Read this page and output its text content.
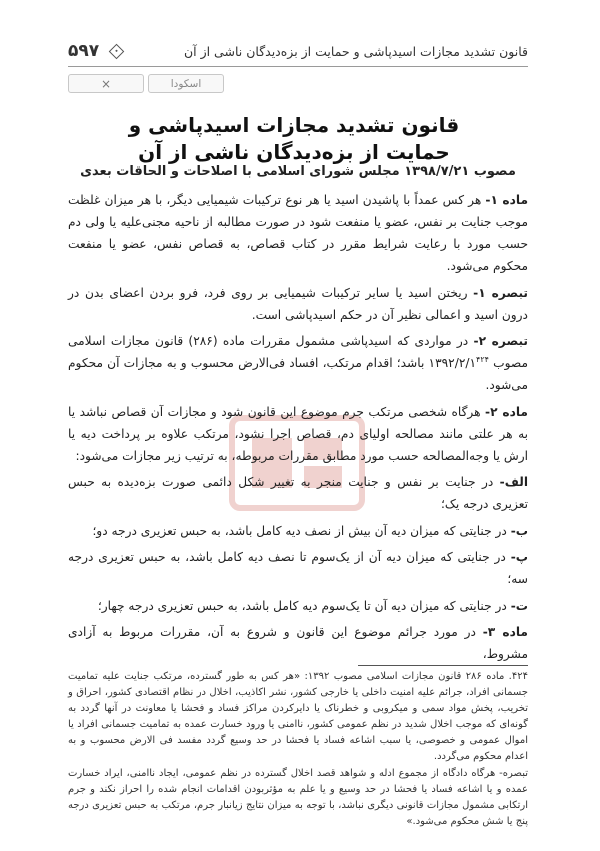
۵۹۷	قانون تشدید مجازات اسیدپاشی و حمایت از بزه‌دیدگان ناشی از آن
×	اسکودا
قانون تشدید مجازات اسیدپاشی و
حمایت از بزه‌دیدگان ناشی از آن
مصوب ۱۳۹۸/۷/۲۱ مجلس شورای اسلامی با اصلاحات و الحاقات بعدی

ماده ۱- هر کس عمداً با پاشیدن اسید یا هر نوع ترکیبات شیمیایی دیگر، با هر میزان غلظت موجب جنایت بر نفس، عضو یا منفعت شود در صورت مطالبه از ناحیه مجنی‌علیه یا ولی دم حسب مورد با رعایت شرایط مقرر در کتاب قصاص، به قصاص نفس، عضو یا منفعت محکوم می‌شود.

تبصره ۱- ریختن اسید یا سایر ترکیبات شیمیایی بر روی فرد، فرو بردن اعضای بدن در درون اسید و اعمالی نظیر آن در حکم اسیدپاشی است.

تبصره ۲- در مواردی که اسیدپاشی مشمول مقررات ماده (۲۸۶) قانون مجازات اسلامی مصوب $۱۳۹۲/۲/۱^{۴۲۴}$ باشد؛ اقدام مرتکب، افساد فی‌الارض محسوب و به مجازات آن محکوم می‌شود.

ماده ۲- هرگاه شخصی مرتکب جرم موضوع این قانون شود و مجازات آن قصاص نباشد یا به هر علتی مانند مصالحه اولیای دم، قصاص اجرا نشود، مرتکب علاوه بر پرداخت دیه یا ارش یا وجه‌المصالحه حسب مورد مطابق مقررات مربوطه، به ترتیب زیر مجازات می‌شود:

الف- در جنایت بر نفس و جنایت منجر به تغییر شکل دائمی صورت بزه‌دیده به حبس تعزیری درجه یک؛

ب- در جنایتی که میزان دیه آن بیش از نصف دیه کامل باشد، به حبس تعزیری درجه دو؛

پ- در جنایتی که میزان دیه آن از یک‌سوم تا نصف دیه کامل باشد، به حبس تعزیری درجه سه؛

ت- در جنایتی که میزان دیه آن تا یک‌سوم دیه کامل باشد، به حبس تعزیری درجه چهار؛

ماده ۳- در مورد جرائم موضوع این قانون و شروع به آن، مقررات مربوط به آزادی مشروط،

۴۲۴. ماده ۲۸۶ قانون مجازات اسلامی مصوب ۱۳۹۲: «هر کس به طور گسترده، مرتکب جنایت علیه تمامیت جسمانی افراد، جرائم علیه امنیت داخلی یا خارجی کشور، نشر اکاذیب، اخلال در نظام اقتصادی کشور، احراق و تخریب، پخش مواد سمی و میکروبی و خطرناک یا دایرکردن مراکز فساد و فحشا یا معاونت در آنها گردد به گونه‌ای که موجب اخلال شدید در نظم عمومی کشور، ناامنی یا ورود خسارت عمده به تمامیت جسمانی افراد یا اموال عمومی و خصوصی، یا سبب اشاعه فساد یا فحشا در حد وسیع گردد مفسد فی الارض محسوب و به اعدام محکوم می‌گردد.
تبصره- هرگاه دادگاه از مجموع ادله و شواهد قصد اخلال گسترده در نظم عمومی، ایجاد ناامنی، ایراد خسارت عمده و یا اشاعه فساد یا فحشا در حد وسیع و یا علم به مؤثربودن اقدامات انجام شده را احراز نکند و جرم ارتکابی مشمول مجازات قانونی دیگری نباشد، با توجه به میزان نتایج زیانبار جرم، مرتکب به حبس تعزیری درجه پنج یا شش محکوم می‌شود.»
